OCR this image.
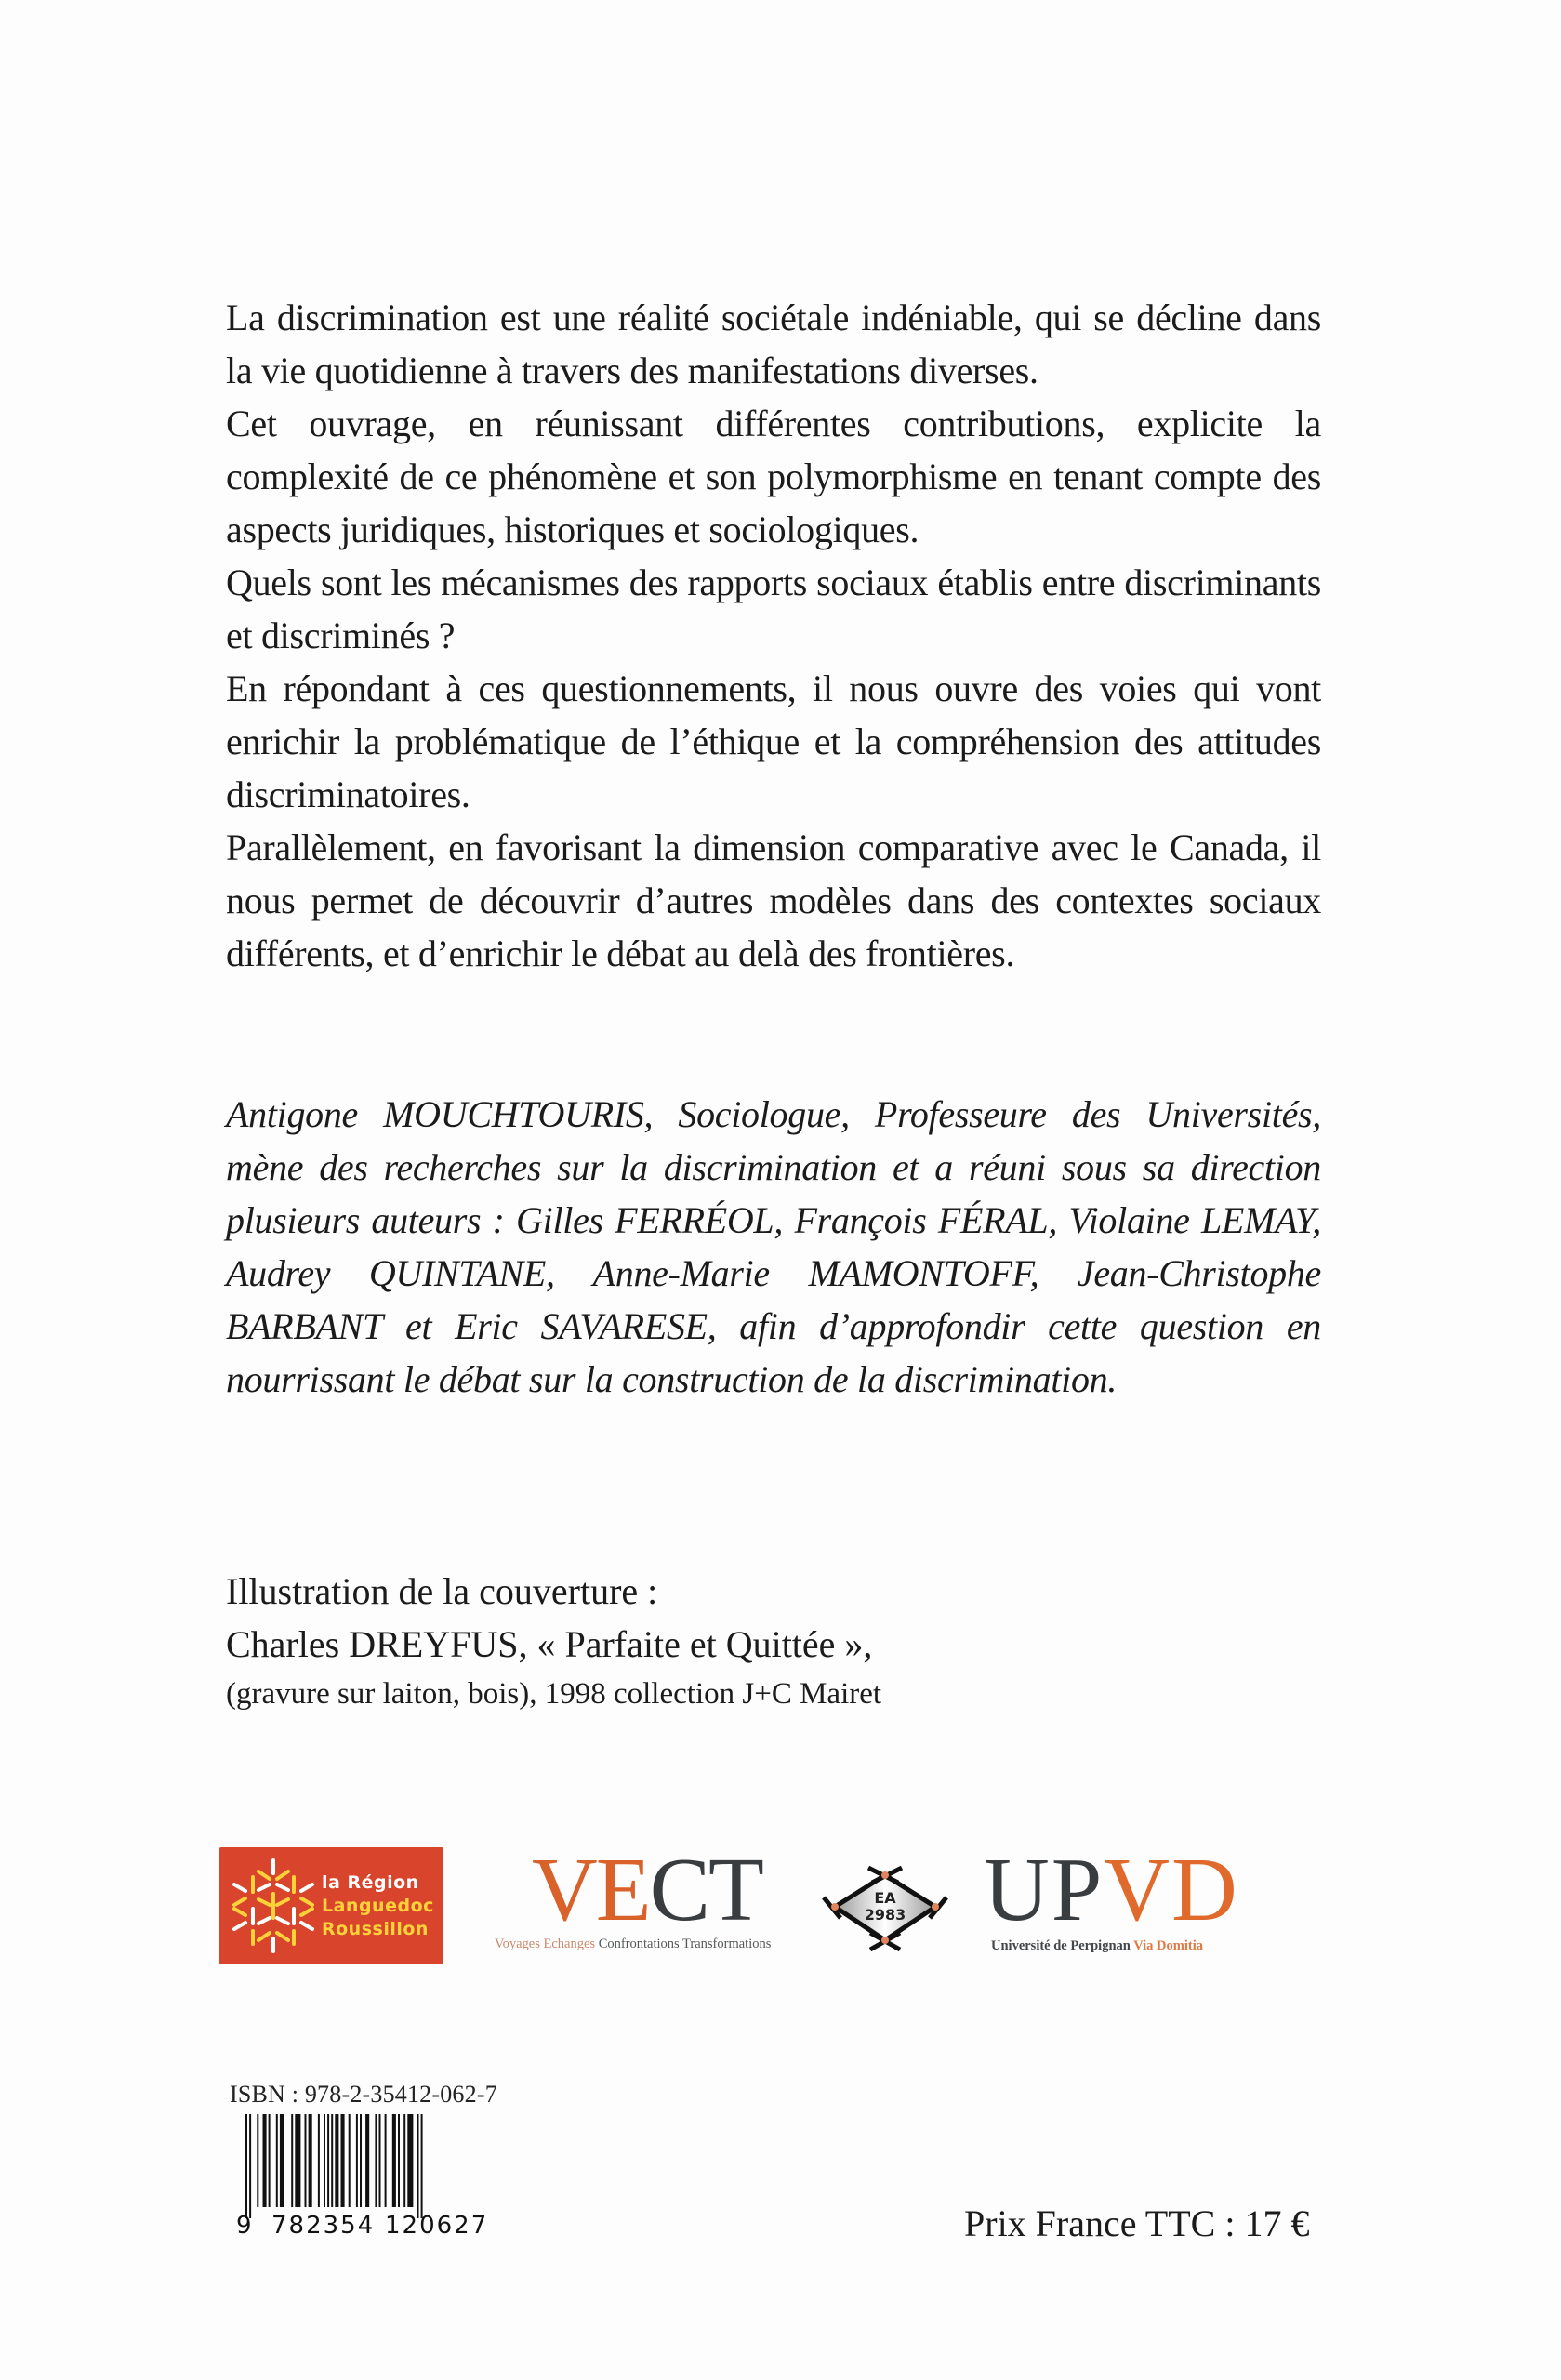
La discrimination est une réalité sociétale indéniable, qui se décline dans la vie quotidienne à travers des manifestations diverses.

Cet ouvrage, en réunissant différentes contributions, explicite la complexité de ce phénomène et son polymorphisme en tenant compte des aspects juridiques, historiques et sociologiques.

Quels sont les mécanismes des rapports sociaux établis entre discriminants et discriminés ?

En répondant à ces questionnements, il nous ouvre des voies qui vont enrichir la problématique de l’éthique et la compréhension des attitudes discriminatoires.

Parallèlement, en favorisant la dimension comparative avec le Canada, il nous permet de découvrir d’autres modèles dans des contextes sociaux différents, et d’enrichir le débat au delà des frontières.

Antigone MOUCHTOURIS, Sociologue, Professeure des Universités, mène des recherches sur la discrimination et a réuni sous sa direction plusieurs auteurs : Gilles FERRÉOL, François FÉRAL, Violaine LEMAY, Audrey QUINTANE, Anne-Marie MAMONTOFF, Jean-Christophe BARBANT et Eric SAVARESE, afin d’approfondir cette question en nourrissant le débat sur la construction de la discrimination.

Illustration de la couverture :
Charles DREYFUS, « Parfaite et Quittée »,
(gravure sur laiton, bois), 1998 collection J+C Mairet
la Région
Languedoc
Roussillon VECT
Voyages Echanges Confrontations Transformations
EA
2983 UPVD
Université de Perpignan Via Domitia
ISBN : 978-2-35412-062-7
9 782354 120627	Prix France TTC : 17 €
